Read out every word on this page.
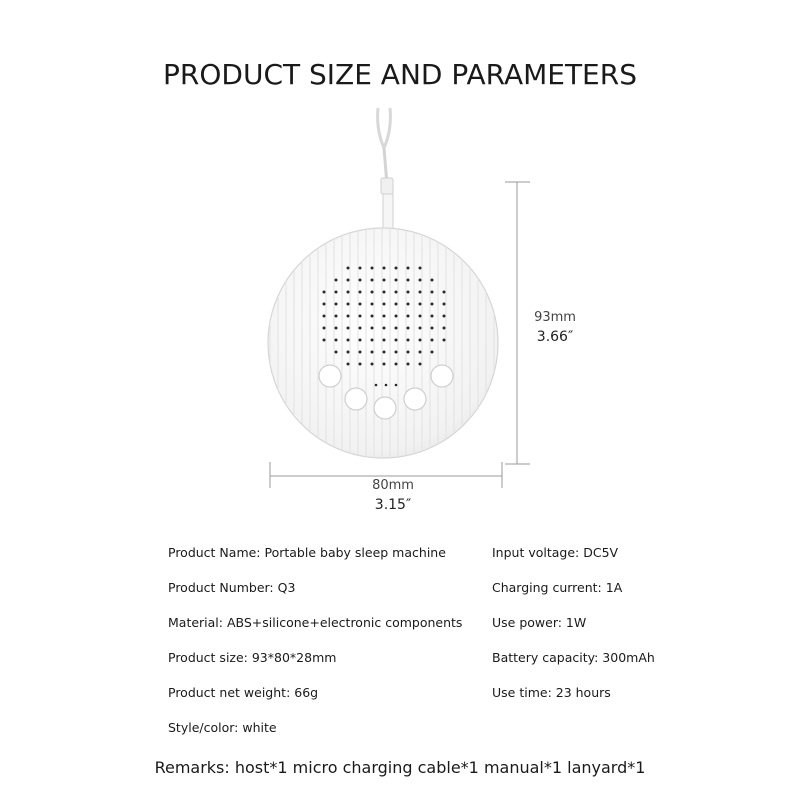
PRODUCT SIZE AND PARAMETERS
80mm
3.15″
93mm
3.66″
Product Name: Portable baby sleep machine
Product Number: Q3
Material: ABS+silicone+electronic components
Product size: 93*80*28mm
Product net weight: 66g
Style/color: white
Input voltage: DC5V
Charging current: 1A
Use power: 1W
Battery capacity: 300mAh
Use time: 23 hours
Remarks: host*1 micro charging cable*1 manual*1 lanyard*1
